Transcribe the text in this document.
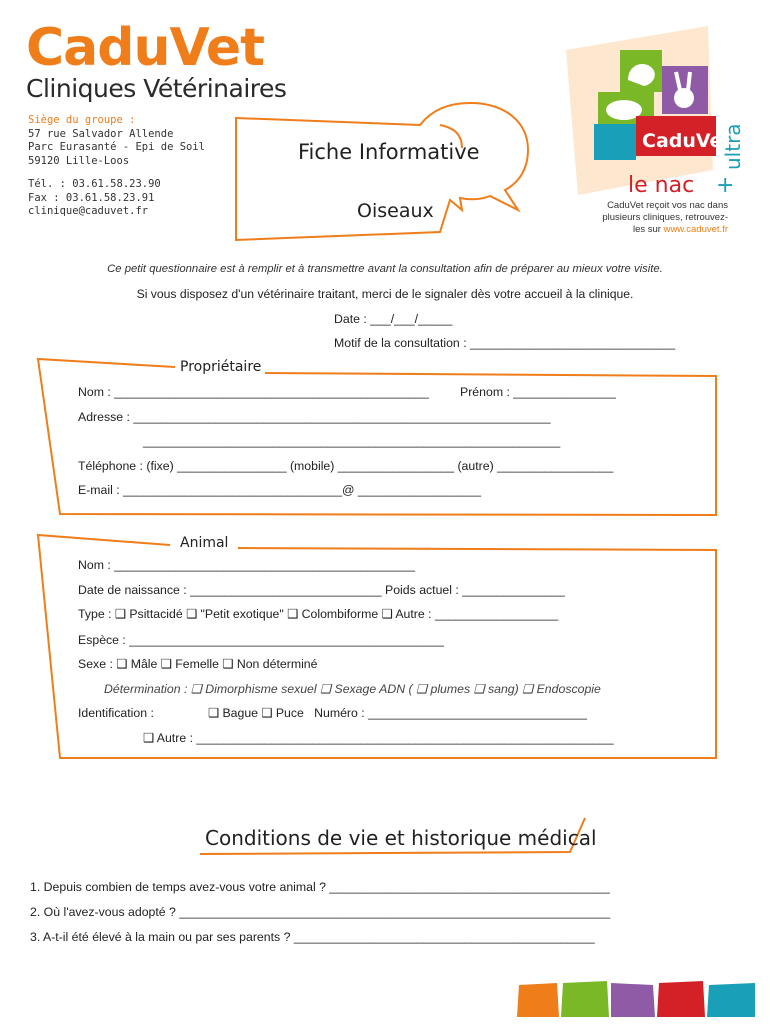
CaduVet
Cliniques Vétérinaires
Siège du groupe :
57 rue Salvador Allende
Parc Eurasanté - Epi de Soil
59120 Lille-Loos
Tél. : 03.61.58.23.90
Fax : 03.61.58.23.91
clinique@caduvet.fr
Fiche Informative
Oiseaux
CaduVet
le nac +
ultra
CaduVet reçoit vos nac dans
plusieurs cliniques, retrouvez-
les sur www.caduvet.fr
Ce petit questionnaire est à remplir et à transmettre avant la consultation afin de préparer au mieux votre visite.
Si vous disposez d'un vétérinaire traitant, merci de le signaler dès votre accueil à la clinique.
Date : ___/___/_____
Motif de la consultation : ______________________________
Propriétaire
Nom : ______________________________________________	Prénom : _______________
Adresse : _____________________________________________________________
_____________________________________________________________
Téléphone : (fixe) ________________ (mobile) _________________ (autre) _________________
E-mail : ________________________________@ __________________
Animal
Nom : ____________________________________________
Date de naissance : ____________________________ Poids actuel : _______________
Type : ❑ Psittacidé ❑ "Petit exotique" ❑ Colombiforme ❑ Autre : __________________
Espèce : ______________________________________________
Sexe : ❑ Mâle ❑ Femelle ❑ Non déterminé
Détermination : ❑ Dimorphisme sexuel ❑ Sexage ADN ( ❑ plumes ❑ sang) ❑ Endoscopie
Identification :	❑ Bague ❑ Puce   Numéro : ________________________________
❑ Autre : _____________________________________________________________
Conditions de vie et historique médical
1. Depuis combien de temps avez-vous votre animal ? _________________________________________
2. Où l'avez-vous adopté ? _______________________________________________________________
3. A-t-il été élevé à la main ou par ses parents ? ____________________________________________
